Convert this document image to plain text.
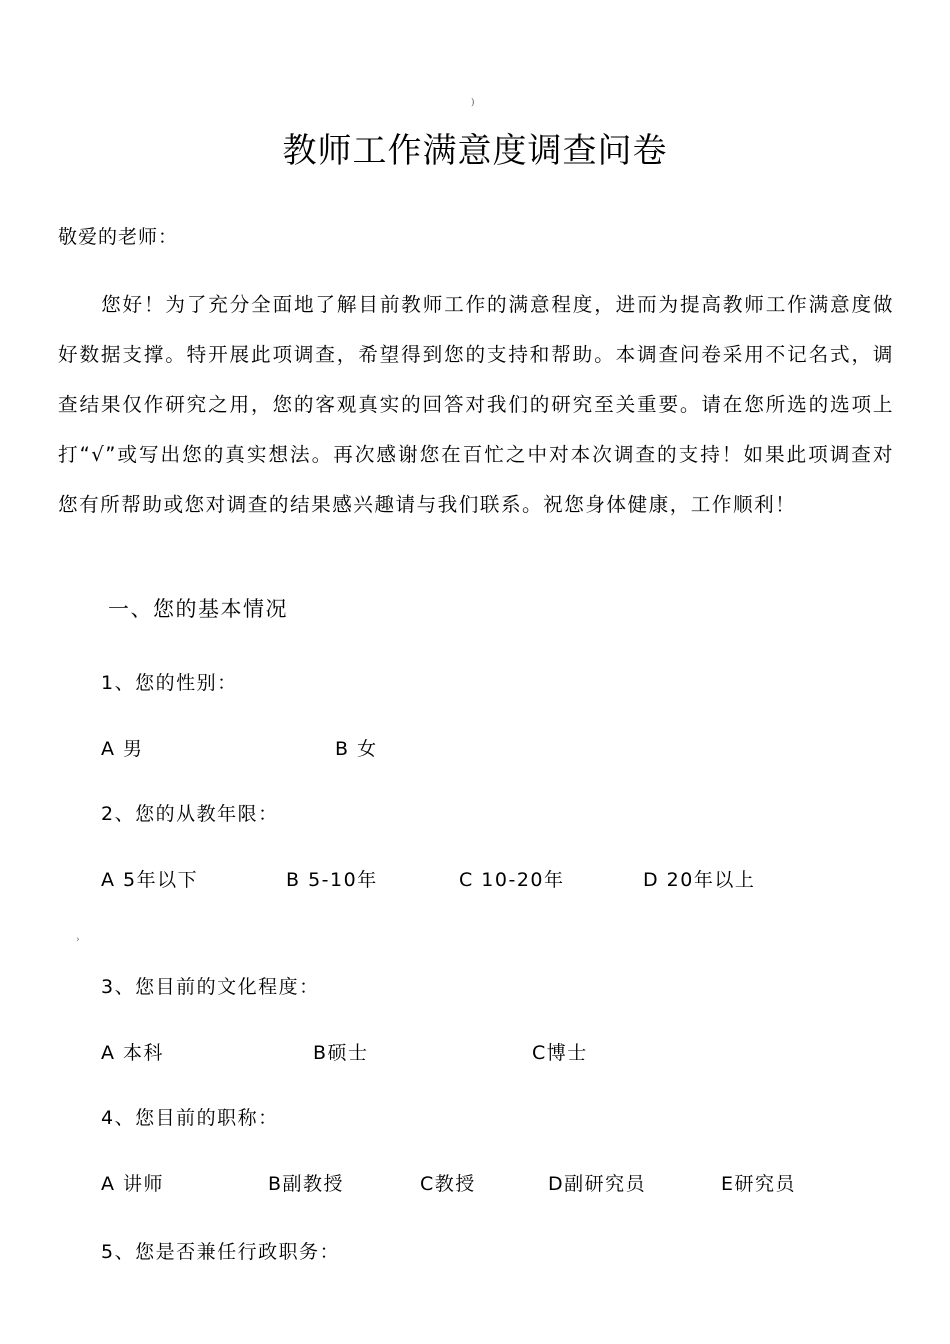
)
教师工作满意度调查问卷
敬爱的老师：
您好！为了充分全面地了解目前教师工作的满意程度，进而为提高教师工作满意度做好数据支撑。特开展此项调查，希望得到您的支持和帮助。本调查问卷采用不记名式，调查结果仅作研究之用，您的客观真实的回答对我们的研究至关重要。请在您所选的选项上打“√”或写出您的真实想法。再次感谢您在百忙之中对本次调查的支持！如果此项调查对您有所帮助或您对调查的结果感兴趣请与我们联系。祝您身体健康，工作顺利！
一、您的基本情况
1、您的性别：
A 男	B 女
2、您的从教年限：
A 5年以下	B 5-10年	C 10-20年	D 20年以上
›
3、您目前的文化程度：
A 本科	B硕士	C博士
4、您目前的职称：
A 讲师	B副教授	C教授	D副研究员	E研究员
5、您是否兼任行政职务：
